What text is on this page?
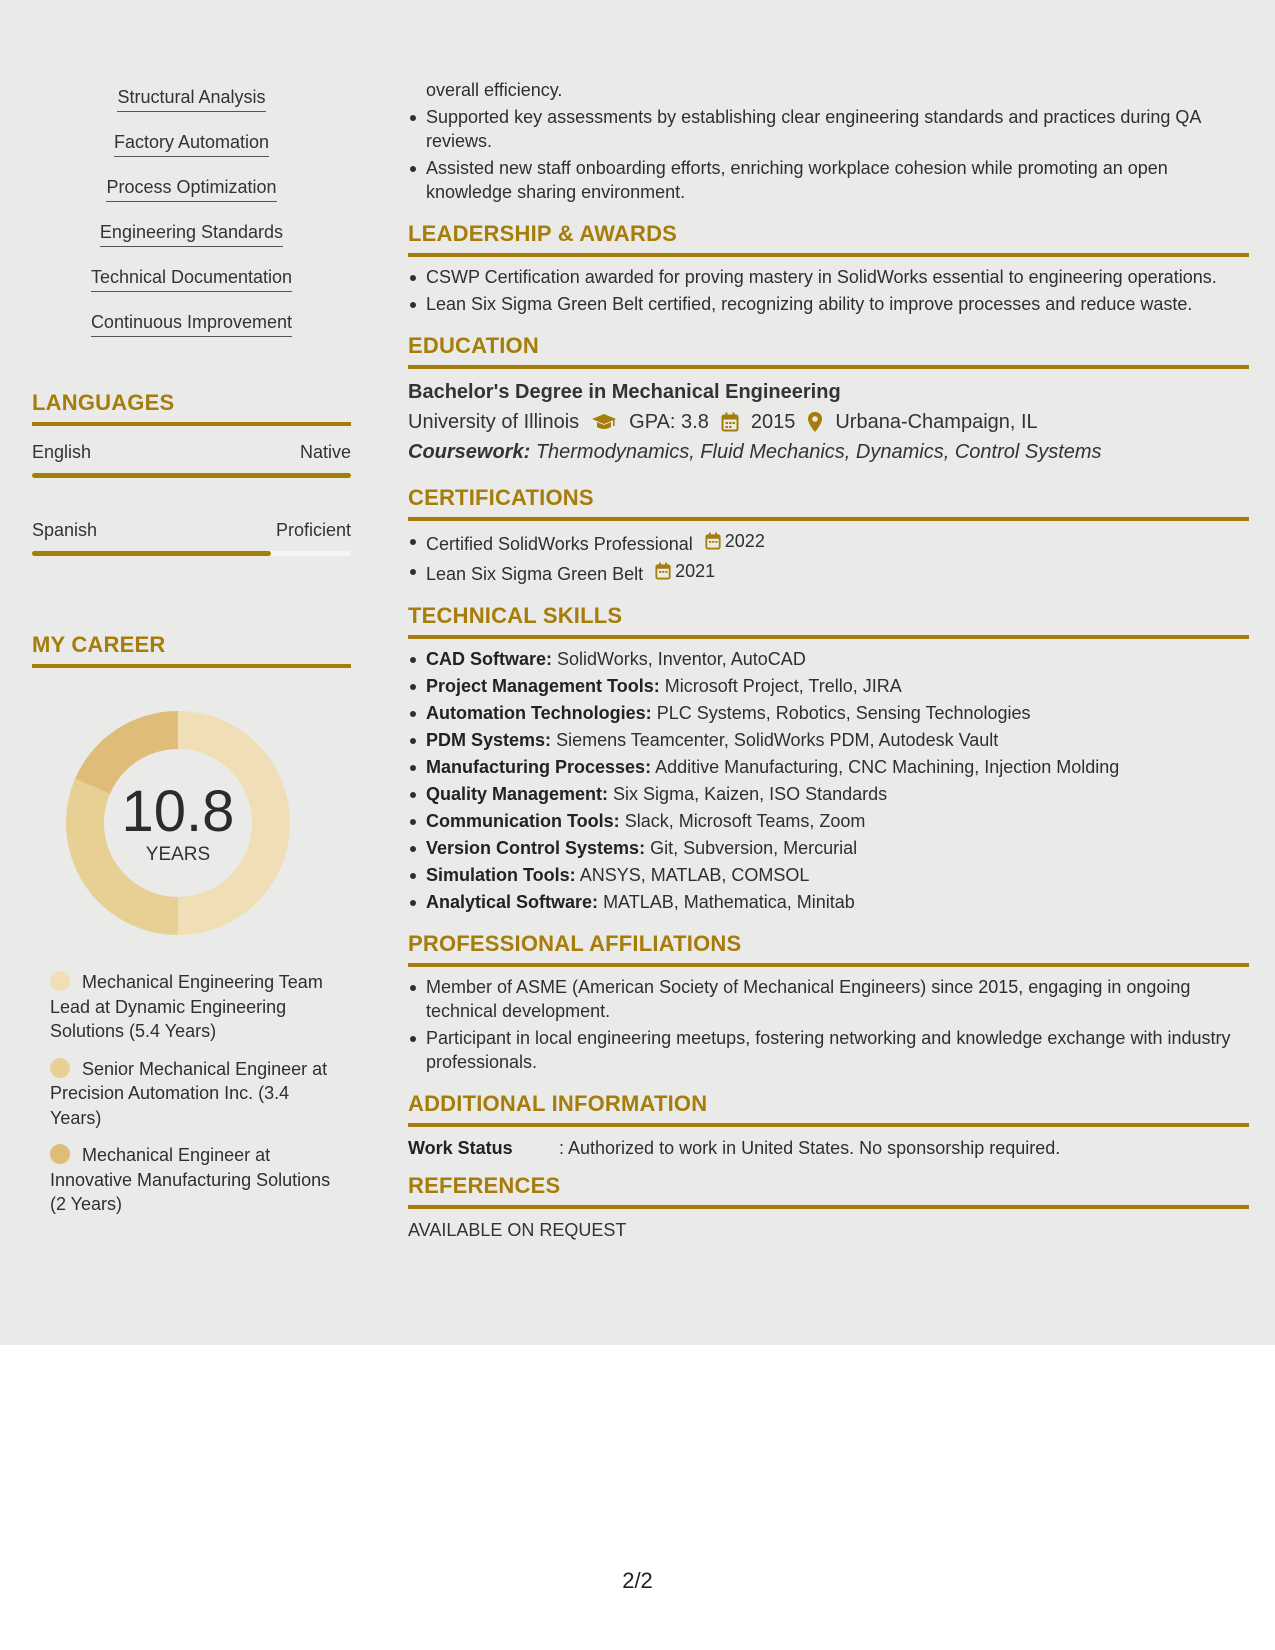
Structural Analysis
Factory Automation
Process Optimization
Engineering Standards
Technical Documentation
Continuous Improvement
LANGUAGES
English	Native
Spanish	Proficient
MY CAREER
10.8
YEARS
Mechanical Engineering Team Lead at Dynamic Engineering Solutions (5.4 Years)
Senior Mechanical Engineer at Precision Automation Inc. (3.4 Years)
Mechanical Engineer at Innovative Manufacturing Solutions (2 Years)
overall efficiency.
Supported key assessments by establishing clear engineering standards and practices during QA reviews.
Assisted new staff onboarding efforts, enriching workplace cohesion while promoting an open knowledge sharing environment.
LEADERSHIP & AWARDS
CSWP Certification awarded for proving mastery in SolidWorks essential to engineering operations.
Lean Six Sigma Green Belt certified, recognizing ability to improve processes and reduce waste.
EDUCATION
Bachelor's Degree in Mechanical Engineering
University of Illinois	GPA: 3.8 2015 Urbana-Champaign, IL
Coursework: Thermodynamics, Fluid Mechanics, Dynamics, Control Systems
CERTIFICATIONS
Certified SolidWorks Professional 2022
Lean Six Sigma Green Belt 2021
TECHNICAL SKILLS
CAD Software: SolidWorks, Inventor, AutoCAD
Project Management Tools: Microsoft Project, Trello, JIRA
Automation Technologies: PLC Systems, Robotics, Sensing Technologies
PDM Systems: Siemens Teamcenter, SolidWorks PDM, Autodesk Vault
Manufacturing Processes: Additive Manufacturing, CNC Machining, Injection Molding
Quality Management: Six Sigma, Kaizen, ISO Standards
Communication Tools: Slack, Microsoft Teams, Zoom
Version Control Systems: Git, Subversion, Mercurial
Simulation Tools: ANSYS, MATLAB, COMSOL
Analytical Software: MATLAB, Mathematica, Minitab
PROFESSIONAL AFFILIATIONS
Member of ASME (American Society of Mechanical Engineers) since 2015, engaging in ongoing technical development.
Participant in local engineering meetups, fostering networking and knowledge exchange with industry professionals.
ADDITIONAL INFORMATION
Work Status	: Authorized to work in United States. No sponsorship required.
REFERENCES
AVAILABLE ON REQUEST
2/2
